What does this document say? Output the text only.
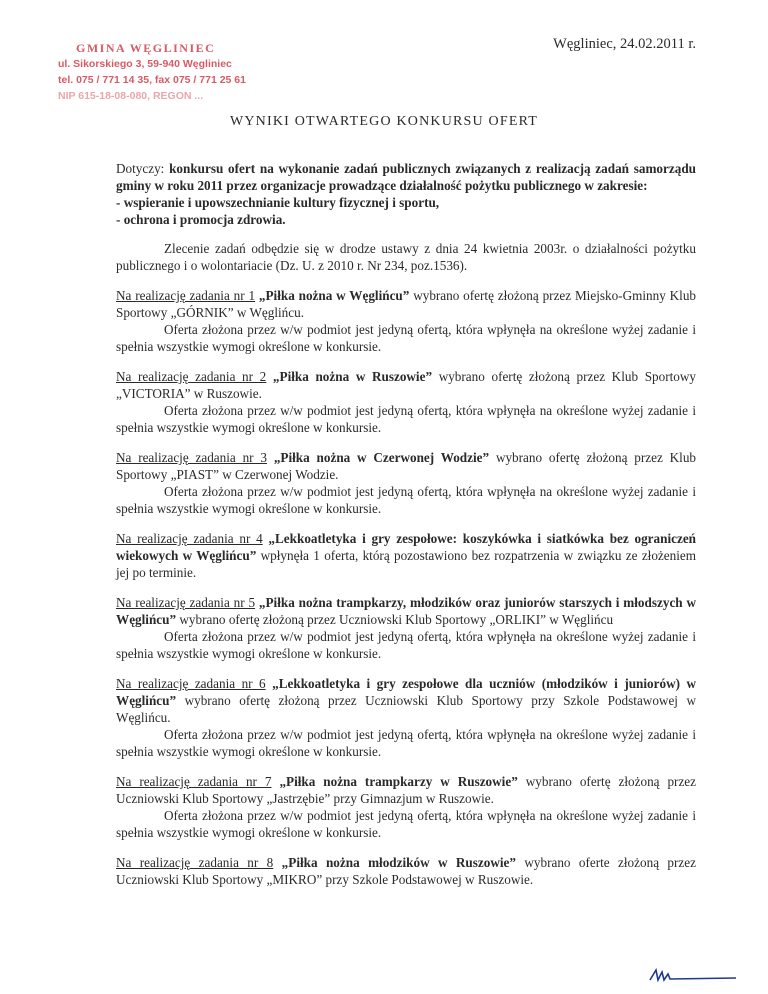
GMINA WĘGLINIEC
ul. Sikorskiego 3, 59-940 Węgliniec
tel. 075 / 771 14 35, fax 075 / 771 25 61
NIP 615-18-08-080, REGON ...
Węgliniec, 24.02.2011 r.
WYNIKI OTWARTEGO KONKURSU OFERT

Dotyczy: konkursu ofert na wykonanie zadań publicznych związanych z realizacją zadań samorządu gminy w roku 2011 przez organizacje prowadzące działalność pożytku publicznego w zakresie:
- wspieranie i upowszechnianie kultury fizycznej i sportu,
- ochrona i promocja zdrowia.

Zlecenie zadań odbędzie się w drodze ustawy z dnia 24 kwietnia 2003r. o działalności pożytku publicznego i o wolontariacie (Dz. U. z 2010 r. Nr 234, poz.1536).

Na realizację zadania nr 1 „Piłka nożna w Węglińcu” wybrano ofertę złożoną przez Miejsko-Gminny Klub Sportowy „GÓRNIK” w Węglińcu.

Oferta złożona przez w/w podmiot jest jedyną ofertą, która wpłynęła na określone wyżej zadanie i spełnia wszystkie wymogi określone w konkursie.

Na realizację zadania nr 2 „Piłka nożna w Ruszowie” wybrano ofertę złożoną przez Klub Sportowy „VICTORIA” w Ruszowie.

Oferta złożona przez w/w podmiot jest jedyną ofertą, która wpłynęła na określone wyżej zadanie i spełnia wszystkie wymogi określone w konkursie.

Na realizację zadania nr 3 „Piłka nożna w Czerwonej Wodzie” wybrano ofertę złożoną przez Klub Sportowy „PIAST” w Czerwonej Wodzie.

Oferta złożona przez w/w podmiot jest jedyną ofertą, która wpłynęła na określone wyżej zadanie i spełnia wszystkie wymogi określone w konkursie.

Na realizację zadania nr 4 „Lekkoatletyka i gry zespołowe: koszykówka i siatkówka bez ograniczeń wiekowych w Węglińcu” wpłynęła 1 oferta, którą pozostawiono bez rozpatrzenia w związku ze złożeniem jej po terminie.

Na realizację zadania nr 5 „Piłka nożna trampkarzy, młodzików oraz juniorów starszych i młodszych w Węglińcu” wybrano ofertę złożoną przez Uczniowski Klub Sportowy „ORLIKI” w Węglińcu

Oferta złożona przez w/w podmiot jest jedyną ofertą, która wpłynęła na określone wyżej zadanie i spełnia wszystkie wymogi określone w konkursie.

Na realizację zadania nr 6 „Lekkoatletyka i gry zespołowe dla uczniów (młodzików i juniorów) w Węglińcu” wybrano ofertę złożoną przez Uczniowski Klub Sportowy przy Szkole Podstawowej w Węglińcu.

Oferta złożona przez w/w podmiot jest jedyną ofertą, która wpłynęła na określone wyżej zadanie i spełnia wszystkie wymogi określone w konkursie.

Na realizację zadania nr 7 „Piłka nożna trampkarzy w Ruszowie” wybrano ofertę złożoną przez Uczniowski Klub Sportowy „Jastrzębie” przy Gimnazjum w Ruszowie.

Oferta złożona przez w/w podmiot jest jedyną ofertą, która wpłynęła na określone wyżej zadanie i spełnia wszystkie wymogi określone w konkursie.

Na realizację zadania nr 8 „Piłka nożna młodzików w Ruszowie” wybrano oferte złożoną przez Uczniowski Klub Sportowy „MIKRO” przy Szkole Podstawowej w Ruszowie.
